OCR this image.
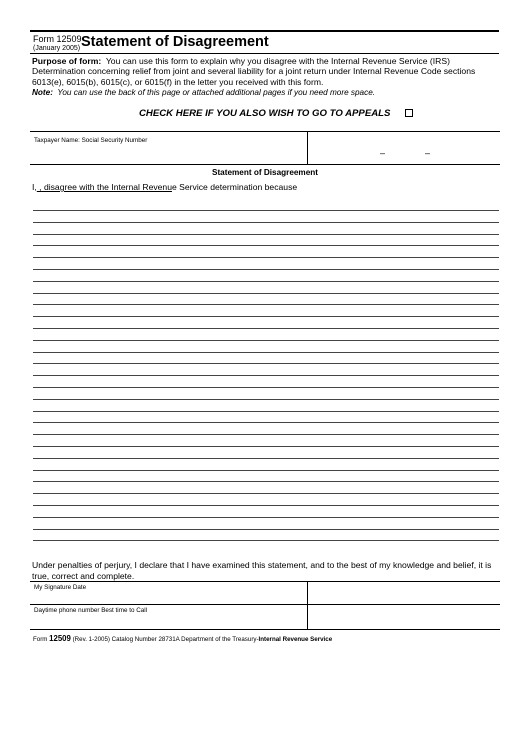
Form 12509
(January 2005) Statement of Disagreement
Purpose of form: You can use this form to explain why you disagree with the Internal Revenue Service (IRS) Determination concerning relief from joint and several liability for a joint return under Internal Revenue Code sections 6013(e), 6015(b), 6015(c), or 6015(f) in the letter you received with this form.
Note: You can use the back of this page or attached additional pages if you need more space.
CHECK HERE IF YOU ALSO WISH TO GO TO APPEALS
Taxpayer Name: Social Security Number
–	–
Statement of Disagreement
I, , disagree with the Internal Revenue Service determination because
Under penalties of perjury, I declare that I have examined this statement, and to the best of my knowledge and belief, it is true, correct and complete.
My Signature Date
Daytime phone number Best time to Call
Form 12509 (Rev. 1-2005) Catalog Number 28731A Department of the Treasury-Internal Revenue Service
